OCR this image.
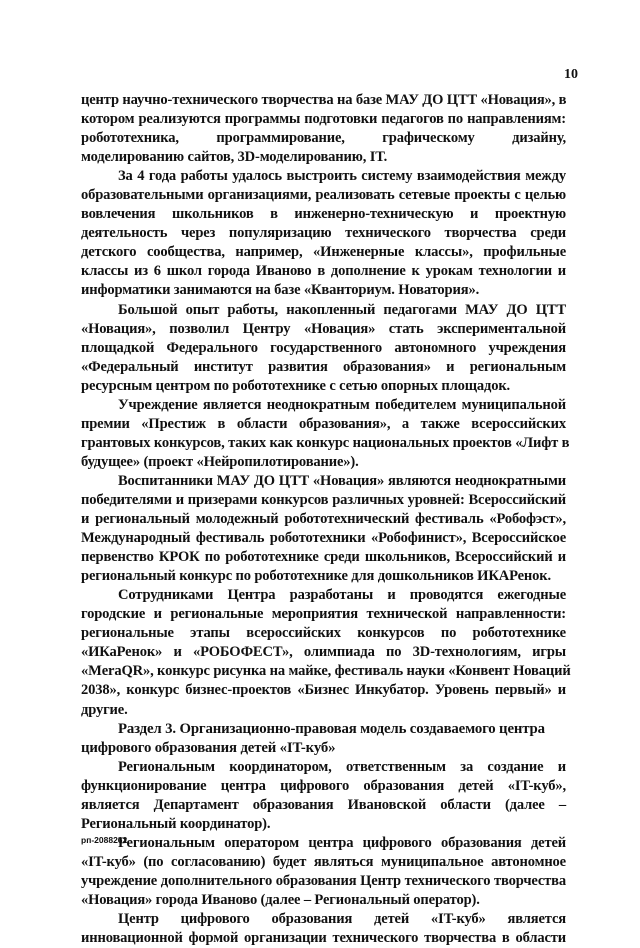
10

центр научно-технического творчества на базе МАУ ДО ЦТТ «Новация», в
котором реализуются программы подготовки педагогов по направлениям:
робототехника, программирование, графическому дизайну,
моделированию сайтов, 3D-моделированию, IT.

За 4 года работы удалось выстроить систему взаимодействия между
образовательными организациями, реализовать сетевые проекты с целью
вовлечения школьников в инженерно-техническую и проектную
деятельность через популяризацию технического творчества среди
детского сообщества, например, «Инженерные классы», профильные
классы из 6 школ города Иваново в дополнение к урокам технологии и
информатики занимаются на базе «Кванториум. Новатория».

Большой опыт работы, накопленный педагогами МАУ ДО ЦТТ
«Новация», позволил Центру «Новация» стать экспериментальной
площадкой Федерального государственного автономного учреждения
«Федеральный институт развития образования» и региональным
ресурсным центром по робототехнике с сетью опорных площадок.

Учреждение является неоднократным победителем муниципальной
премии «Престиж в области образования», а также всероссийских
грантовых конкурсов, таких как конкурс национальных проектов «Лифт в
будущее» (проект «Нейропилотирование»).

Воспитанники МАУ ДО ЦТТ «Новация» являются неоднократными
победителями и призерами конкурсов различных уровней: Всероссийский
и региональный молодежный робототехнический фестиваль «Робофэст»,
Международный фестиваль робототехники «Робофинист», Всероссийское
первенство КРОК по робототехнике среди школьников, Всероссийский и
региональный конкурс по робототехнике для дошкольников ИКАРенок.

Сотрудниками Центра разработаны и проводятся ежегодные
городские и региональные мероприятия технической направленности:
региональные этапы всероссийских конкурсов по робототехнике
«ИКаРенок» и «РОБОФЕСТ», олимпиада по 3D-технологиям, игры
«MeraQR», конкурс рисунка на майке, фестиваль науки «Конвент Новаций
2038», конкурс бизнес-проектов «Бизнес Инкубатор. Уровень первый» и
другие.

Раздел 3. Организационно-правовая модель создаваемого центра
цифрового образования детей «IT-куб»

Региональным координатором, ответственным за создание и
функционирование центра цифрового образования детей «IT-куб»,
является Департамент образования Ивановской области (далее –
Региональный координатор).

Региональным оператором центра цифрового образования детей
«IT-куб» (по согласованию) будет являться муниципальное автономное
учреждение дополнительного образования Центр технического творчества
«Новация» города Иваново (далее – Региональный оператор).

Центр цифрового образования детей «IT-куб» является
инновационной формой организации технического творчества в области

рп-2088262
